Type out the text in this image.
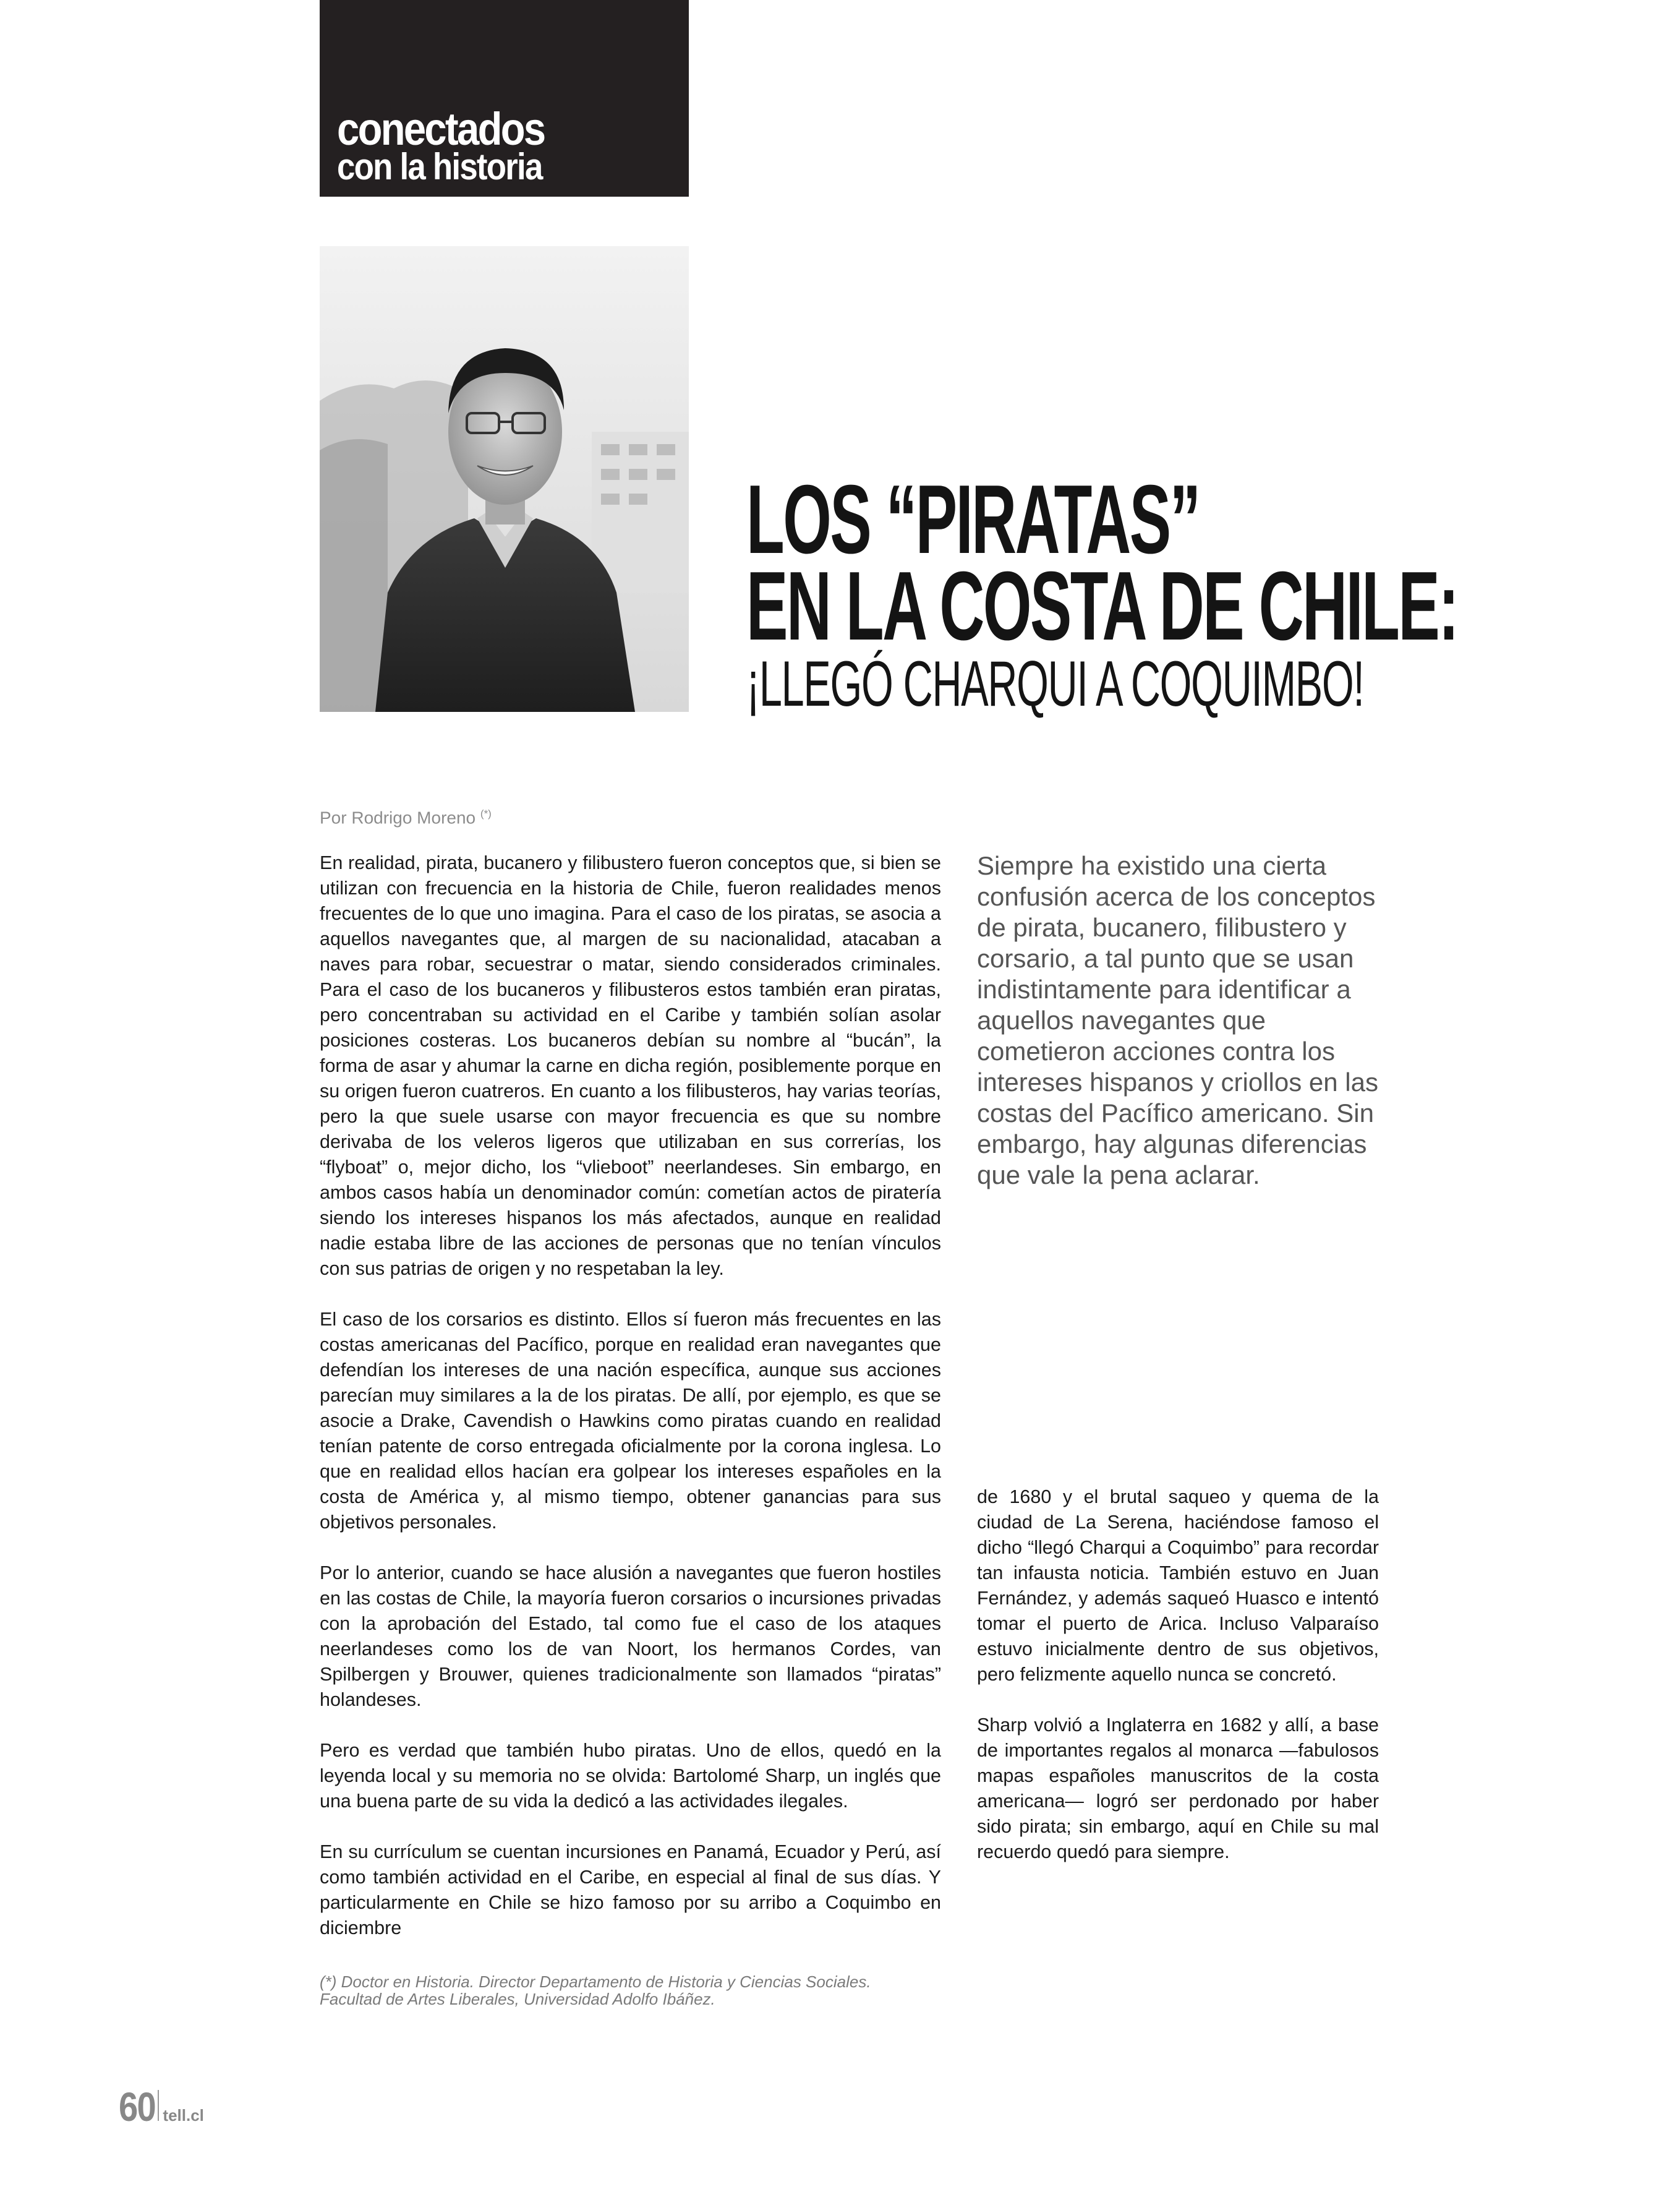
conectados
con la historia
LOS “PIRATAS”
EN LA COSTA DE CHILE:
¡LLEGÓ CHARQUI A COQUIMBO!
Por Rodrigo Moreno (*)

En realidad, pirata, bucanero y filibustero fueron conceptos que, si bien se utilizan con frecuencia en la historia de Chile, fueron realidades menos frecuentes de lo que uno imagina. Para el caso de los piratas, se asocia a aquellos navegantes que, al margen de su nacionalidad, atacaban a naves para robar, secuestrar o matar, siendo considerados criminales. Para el caso de los bucaneros y filibusteros estos también eran piratas, pero concentraban su actividad en el Caribe y también solían asolar posiciones costeras. Los bucaneros debían su nombre al “bucán”, la forma de asar y ahumar la carne en dicha región, posiblemente porque en su origen fueron cuatreros. En cuanto a los filibusteros, hay varias teorías, pero la que suele usarse con mayor frecuencia es que su nombre derivaba de los veleros ligeros que utilizaban en sus correrías, los “flyboat” o, mejor dicho, los “vlieboot” neerlandeses. Sin embargo, en ambos casos había un denominador común: cometían actos de piratería siendo los intereses hispanos los más afectados, aunque en realidad nadie estaba libre de las acciones de personas que no tenían vínculos con sus patrias de origen y no respetaban la ley.

El caso de los corsarios es distinto. Ellos sí fueron más frecuentes en las costas americanas del Pacífico, porque en realidad eran navegantes que defendían los intereses de una nación específica, aunque sus acciones parecían muy similares a la de los piratas. De allí, por ejemplo, es que se asocie a Drake, Cavendish o Hawkins como piratas cuando en realidad tenían patente de corso entregada oficialmente por la corona inglesa. Lo que en realidad ellos hacían era golpear los intereses españoles en la costa de América y, al mismo tiempo, obtener ganancias para sus objetivos personales.

Por lo anterior, cuando se hace alusión a navegantes que fueron hostiles en las costas de Chile, la mayoría fueron corsarios o incursiones privadas con la aprobación del Estado, tal como fue el caso de los ataques neerlandeses como los de van Noort, los hermanos Cordes, van Spilbergen y Brouwer, quienes tradicionalmente son llamados “piratas” holandeses.

Pero es verdad que también hubo piratas. Uno de ellos, quedó en la leyenda local y su memoria no se olvida: Bartolomé Sharp, un inglés que una buena parte de su vida la dedicó a las actividades ilegales.

En su currículum se cuentan incursiones en Panamá, Ecuador y Perú, así como también actividad en el Caribe, en especial al final de sus días. Y particularmente en Chile se hizo famoso por su arribo a Coquimbo en diciembre

Siempre ha existido una cierta confusión acerca de los conceptos de pirata, bucanero, filibustero y corsario, a tal punto que se usan indistintamente para identificar a aquellos navegantes que cometieron acciones contra los intereses hispanos y criollos en las costas del Pacífico americano. Sin embargo, hay algunas diferencias que vale la pena aclarar.

de 1680 y el brutal saqueo y quema de la ciudad de La Serena, haciéndose famoso el dicho “llegó Charqui a Coquimbo” para recordar tan infausta noticia. También estuvo en Juan Fernández, y además saqueó Huasco e intentó tomar el puerto de Arica. Incluso Valparaíso estuvo inicialmente dentro de sus objetivos, pero felizmente aquello nunca se concretó.

Sharp volvió a Inglaterra en 1682 y allí, a base de importantes regalos al monarca —fabulosos mapas españoles manuscritos de la costa americana— logró ser perdonado por haber sido pirata; sin embargo, aquí en Chile su mal recuerdo quedó para siempre.

(*) Doctor en Historia. Director Departamento de Historia y Ciencias Sociales.
Facultad de Artes Liberales, Universidad Adolfo Ibáñez.
60 tell.cl
